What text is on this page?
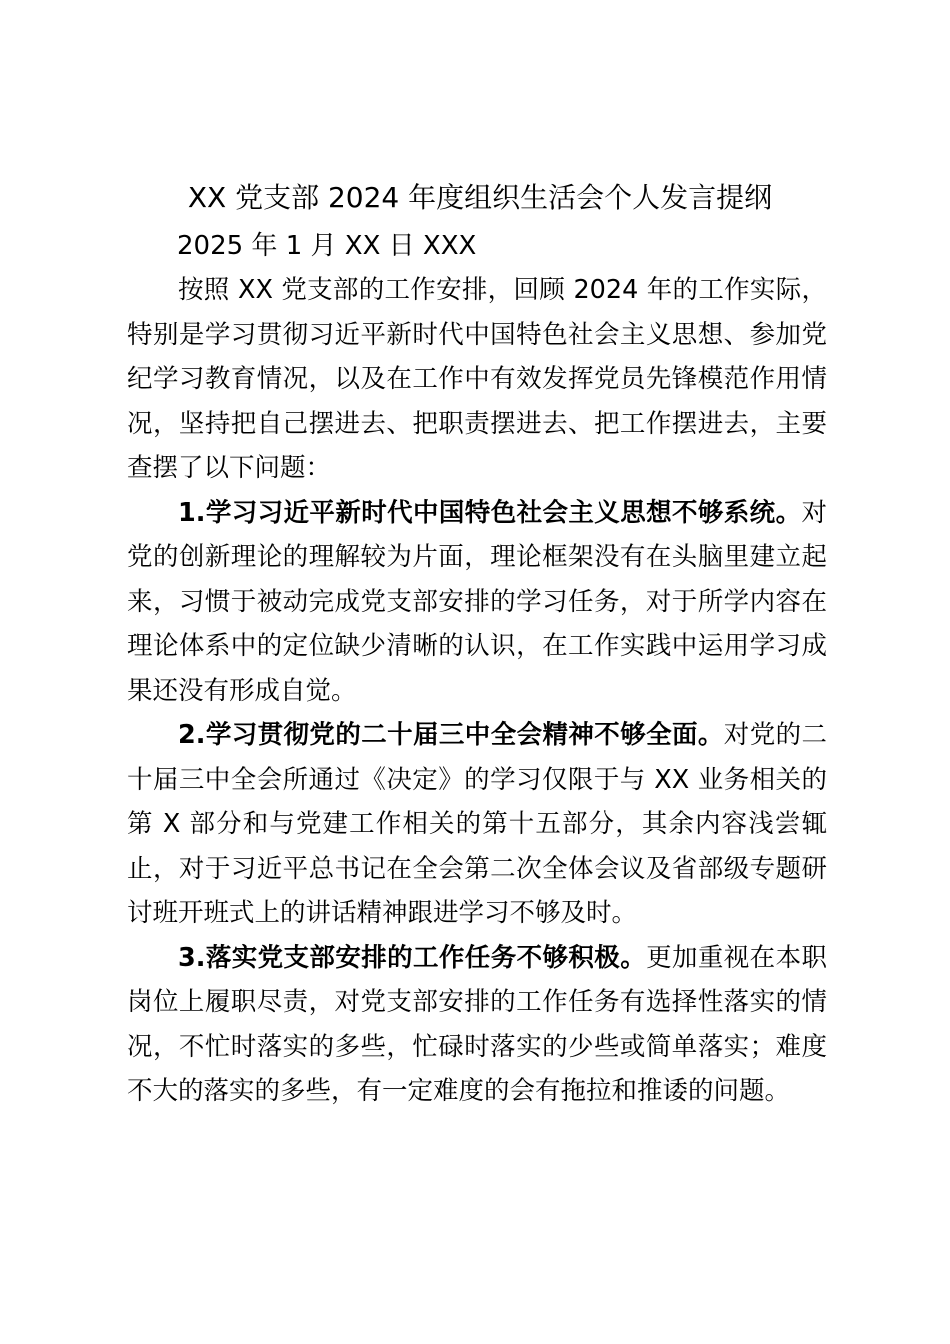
XX 党支部 2024 年度组织生活会个人发言提纲
2025 年 1 月 XX 日 XXX

按照 XX 党支部的工作安排，回顾 2024 年的工作实际，特别是学习贯彻习近平新时代中国特色社会主义思想、参加党纪学习教育情况，以及在工作中有效发挥党员先锋模范作用情况，坚持把自己摆进去、把职责摆进去、把工作摆进去，主要查摆了以下问题：

1.学习习近平新时代中国特色社会主义思想不够系统。对党的创新理论的理解较为片面，理论框架没有在头脑里建立起来，习惯于被动完成党支部安排的学习任务，对于所学内容在理论体系中的定位缺少清晰的认识，在工作实践中运用学习成果还没有形成自觉。

2.学习贯彻党的二十届三中全会精神不够全面。对党的二十届三中全会所通过《决定》的学习仅限于与 XX 业务相关的第 X 部分和与党建工作相关的第十五部分，其余内容浅尝辄止，对于习近平总书记在全会第二次全体会议及省部级专题研讨班开班式上的讲话精神跟进学习不够及时。

3.落实党支部安排的工作任务不够积极。更加重视在本职岗位上履职尽责，对党支部安排的工作任务有选择性落实的情况，不忙时落实的多些，忙碌时落实的少些或简单落实；难度不大的落实的多些，有一定难度的会有拖拉和推诿的问题。
